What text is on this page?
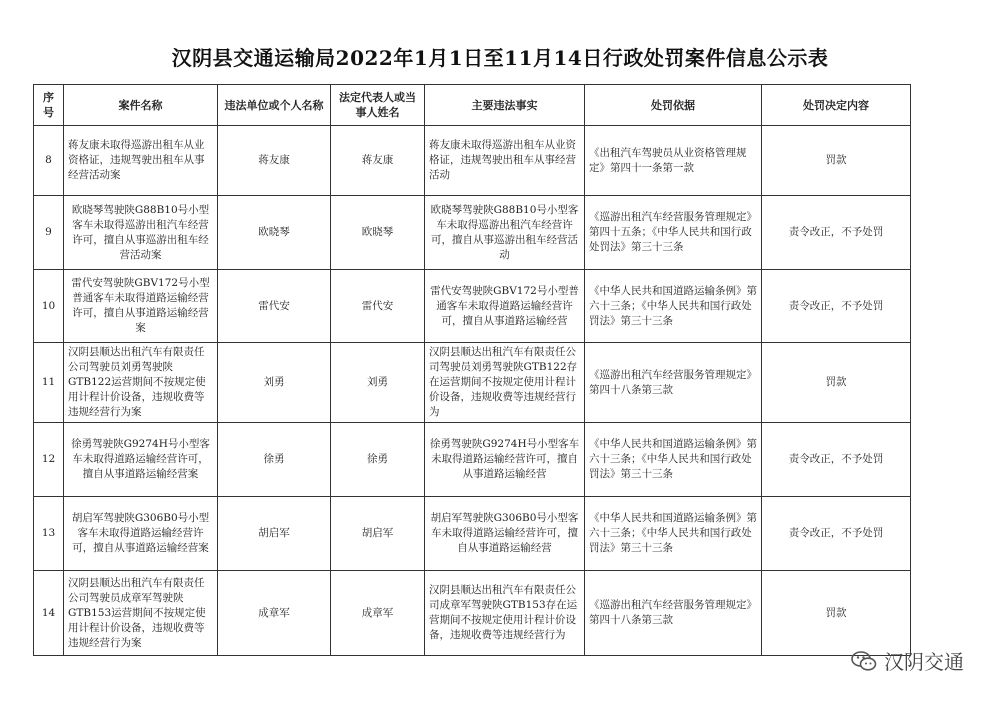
汉阴县交通运输局2022年1月1日至11月14日行政处罚案件信息公示表
序号	案件名称	违法单位或个人名称	法定代表人或当事人姓名	主要违法事实	处罚依据	处罚决定内容
8	蒋友康未取得巡游出租车从业资格证，违规驾驶出租车从事经营活动案	蒋友康	蒋友康	蒋友康未取得巡游出租车从业资格证，违规驾驶出租车从事经营活动	《出租汽车驾驶员从业资格管理规定》第四十一条第一款	罚款
9	欧晓琴驾驶陕G88B10号小型客车未取得巡游出租汽车经营许可，擅自从事巡游出租车经营活动案	欧晓琴	欧晓琴	欧晓琴驾驶陕G88B10号小型客车未取得巡游出租汽车经营许可，擅自从事巡游出租车经营活动	《巡游出租汽车经营服务管理规定》第四十五条；《中华人民共和国行政处罚法》第三十三条	责令改正，不予处罚
10	雷代安驾驶陕GBV172号小型普通客车未取得道路运输经营许可，擅自从事道路运输经营案	雷代安	雷代安	雷代安驾驶陕GBV172号小型普通客车未取得道路运输经营许可，擅自从事道路运输经营	《中华人民共和国道路运输条例》第六十三条；《中华人民共和国行政处罚法》第三十三条	责令改正，不予处罚
11	汉阴县顺达出租汽车有限责任公司驾驶员刘勇驾驶陕GTB122运营期间不按规定使用计程计价设备，违规收费等违规经营行为案	刘勇	刘勇	汉阴县顺达出租汽车有限责任公司驾驶员刘勇驾驶陕GTB122存在运营期间不按规定使用计程计价设备，违规收费等违规经营行为	《巡游出租汽车经营服务管理规定》第四十八条第三款	罚款
12	徐勇驾驶陕G9274H号小型客车未取得道路运输经营许可，擅自从事道路运输经营案	徐勇	徐勇	徐勇驾驶陕G9274H号小型客车未取得道路运输经营许可，擅自从事道路运输经营	《中华人民共和国道路运输条例》第六十三条；《中华人民共和国行政处罚法》第三十三条	责令改正，不予处罚
13	胡启军驾驶陕G306B0号小型客车未取得道路运输经营许可，擅自从事道路运输经营案	胡启军	胡启军	胡启军驾驶陕G306B0号小型客车未取得道路运输经营许可，擅自从事道路运输经营	《中华人民共和国道路运输条例》第六十三条；《中华人民共和国行政处罚法》第三十三条	责令改正，不予处罚
14	汉阴县顺达出租汽车有限责任公司驾驶员成章军驾驶陕GTB153运营期间不按规定使用计程计价设备，违规收费等违规经营行为案	成章军	成章军	汉阴县顺达出租汽车有限责任公司成章军驾驶陕GTB153存在运营期间不按规定使用计程计价设备，违规收费等违规经营行为	《巡游出租汽车经营服务管理规定》第四十八条第三款	罚款
汉阴交通
